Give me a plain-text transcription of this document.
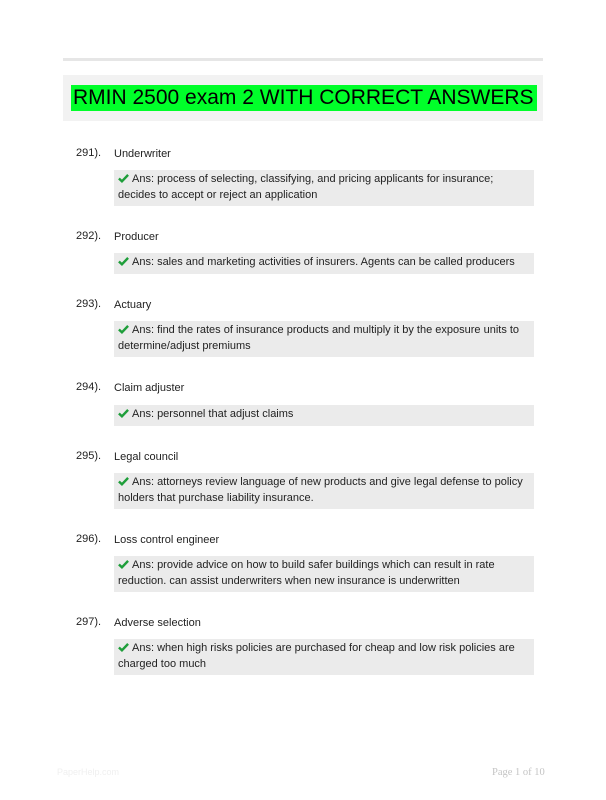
RMIN 2500 exam 2 WITH CORRECT ANSWERS
291). Underwriter
Ans: process of selecting, classifying, and pricing applicants for insurance; decides to accept or reject an application
292). Producer
Ans: sales and marketing activities of insurers. Agents can be called producers
293). Actuary
Ans: find the rates of insurance products and multiply it by the exposure units to determine/adjust premiums
294). Claim adjuster
Ans: personnel that adjust claims
295). Legal council
Ans: attorneys review language of new products and give legal defense to policy holders that purchase liability insurance.
296). Loss control engineer
Ans: provide advice on how to build safer buildings which can result in rate reduction. can assist underwriters when new insurance is underwritten
297). Adverse selection
Ans: when high risks policies are purchased for cheap and low risk policies are charged too much
PaperHelp.com	Page 1 of 10
